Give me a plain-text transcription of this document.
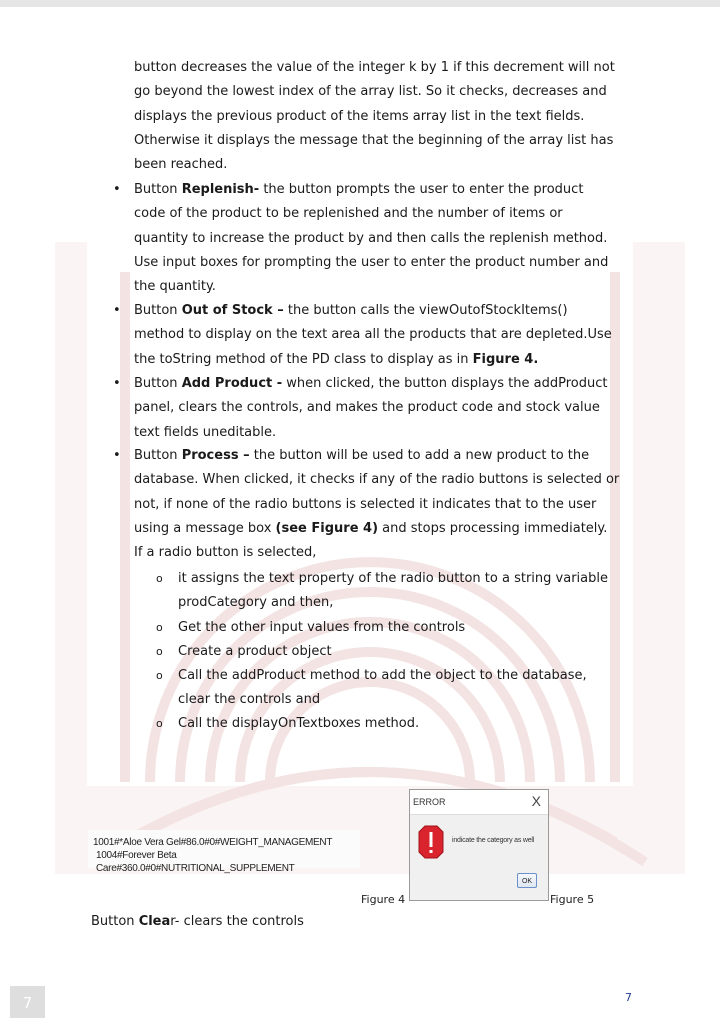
button decreases the value of the integer k by 1 if this decrement will not
go beyond the lowest index of the array list. So it checks, decreases and
displays the previous product of the items array list in the text fields.
Otherwise it displays the message that the beginning of the array list has
been reached.
• Button Replenish- the button prompts the user to enter the product
code of the product to be replenished and the number of items or
quantity to increase the product by and then calls the replenish method.
Use input boxes for prompting the user to enter the product number and
the quantity.
• Button Out of Stock – the button calls the viewOutofStockItems()
method to display on the text area all the products that are depleted.Use
the toString method of the PD class to display as in Figure 4.
• Button Add Product - when clicked, the button displays the addProduct
panel, clears the controls, and makes the product code and stock value
text fields uneditable.
• Button Process – the button will be used to add a new product to the
database. When clicked, it checks if any of the radio buttons is selected or
not, if none of the radio buttons is selected it indicates that to the user
using a message box (see Figure 4) and stops processing immediately.
If a radio button is selected,
o it assigns the text property of the radio button to a string variable
prodCategory and then,
o Get the other input values from the controls
o Create a product object
o Call the addProduct method to add the object to the database,
clear the controls and
o Call the displayOnTextboxes method.
1001#*Aloe Vera Gel#86.0#0#WEIGHT_MANAGEMENT
1004#Forever Beta Care#360.0#0#NUTRITIONAL_SUPPLEMENT
Figure 4
ERROR	X
indicate the category as well
OK
Figure 5
Button Clear- clears the controls
7	7
